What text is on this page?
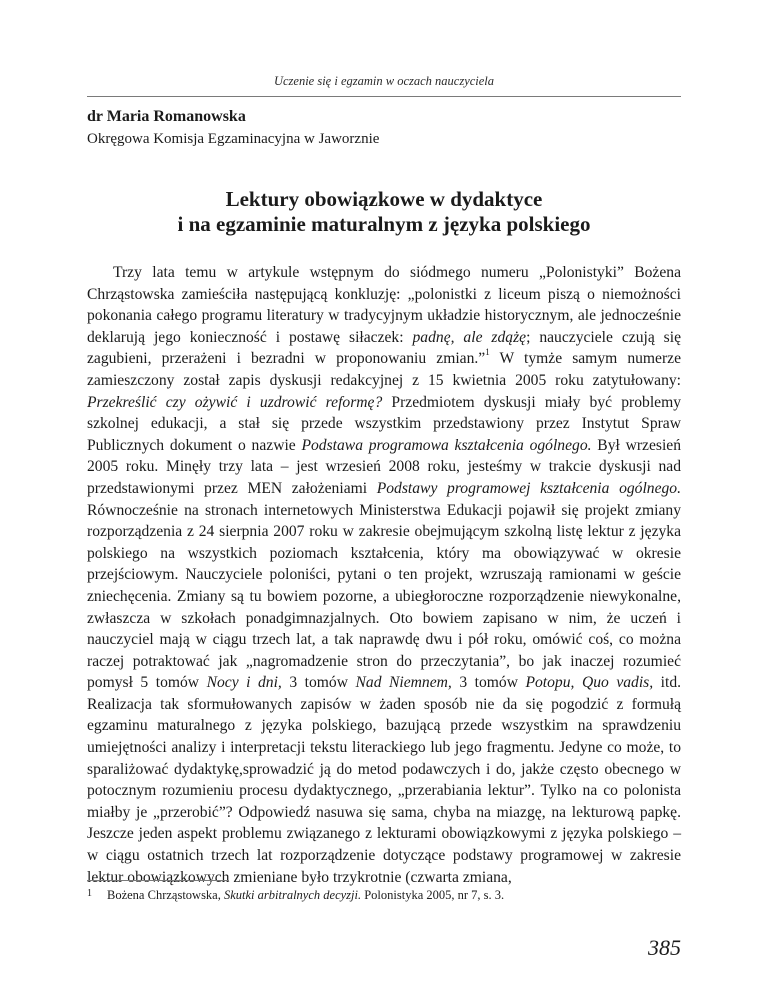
Uczenie się i egzamin w oczach nauczyciela
dr Maria Romanowska
Okręgowa Komisja Egzaminacyjna w Jaworznie
Lektury obowiązkowe w dydaktyce
i na egzaminie maturalnym z języka polskiego

Trzy lata temu w artykule wstępnym do siódmego numeru „Polonistyki” Bożena Chrząstowska zamieściła następującą konkluzję: „polonistki z liceum piszą o niemożności pokonania całego programu literatury w tradycyjnym układzie historycznym, ale jednocześnie deklarują jego konieczność i postawę siłaczek: padnę, ale zdążę; nauczyciele czują się zagubieni, przerażeni i bezradni w proponowaniu zmian.”$^1$ W tymże samym numerze zamieszczony został zapis dyskusji redakcyjnej z 15 kwietnia 2005 roku zatytułowany: Przekreślić czy ożywić i uzdrowić reformę? Przedmiotem dyskusji miały być problemy szkolnej edukacji, a stał się przede wszystkim przedstawiony przez Instytut Spraw Publicznych dokument o nazwie Podstawa programowa kształcenia ogólnego. Był wrzesień 2005 roku. Minęły trzy lata – jest wrzesień 2008 roku, jesteśmy w trakcie dyskusji nad przedstawionymi przez MEN założeniami Podstawy programowej kształcenia ogólnego. Równocześnie na stronach internetowych Ministerstwa Edukacji pojawił się projekt zmiany rozporządzenia z 24 sierpnia 2007 roku w zakresie obejmującym szkolną listę lektur z języka polskiego na wszystkich poziomach kształcenia, który ma obowiązywać w okresie przejściowym. Nauczyciele poloniści, pytani o ten projekt, wzruszają ramionami w geście zniechęcenia. Zmiany są tu bowiem pozorne, a ubiegłoroczne rozporządzenie niewykonalne, zwłaszcza w szkołach ponadgimnazjalnych. Oto bowiem zapisano w nim, że uczeń i nauczyciel mają w ciągu trzech lat, a tak naprawdę dwu i pół roku, omówić coś, co można raczej potraktować jak „nagromadzenie stron do przeczytania”, bo jak inaczej rozumieć pomysł 5 tomów Nocy i dni, 3 tomów Nad Niemnem, 3 tomów Potopu, Quo vadis, itd. Realizacja tak sformułowanych zapisów w żaden sposób nie da się pogodzić z formułą egzaminu maturalnego z języka polskiego, bazującą przede wszystkim na sprawdzeniu umiejętności analizy i interpretacji tekstu literackiego lub jego fragmentu. Jedyne co może, to sparaliżować dydaktykę,sprowadzić ją do metod podawczych i do, jakże często obecnego w potocznym rozumieniu procesu dydaktycznego, „przerabiania lektur”. Tylko na co polonista miałby je „przerobić”? Odpowiedź nasuwa się sama, chyba na miazgę, na lekturową papkę. Jeszcze jeden aspekt problemu związanego z lekturami obowiązkowymi z języka polskiego – w ciągu ostatnich trzech lat rozporządzenie dotyczące podstawy programowej w zakresie lektur obowiązkowych zmieniane było trzykrotnie (czwarta zmiana,

1 Bożena Chrząstowska, Skutki arbitralnych decyzji. Polonistyka 2005, nr 7, s. 3.
385
